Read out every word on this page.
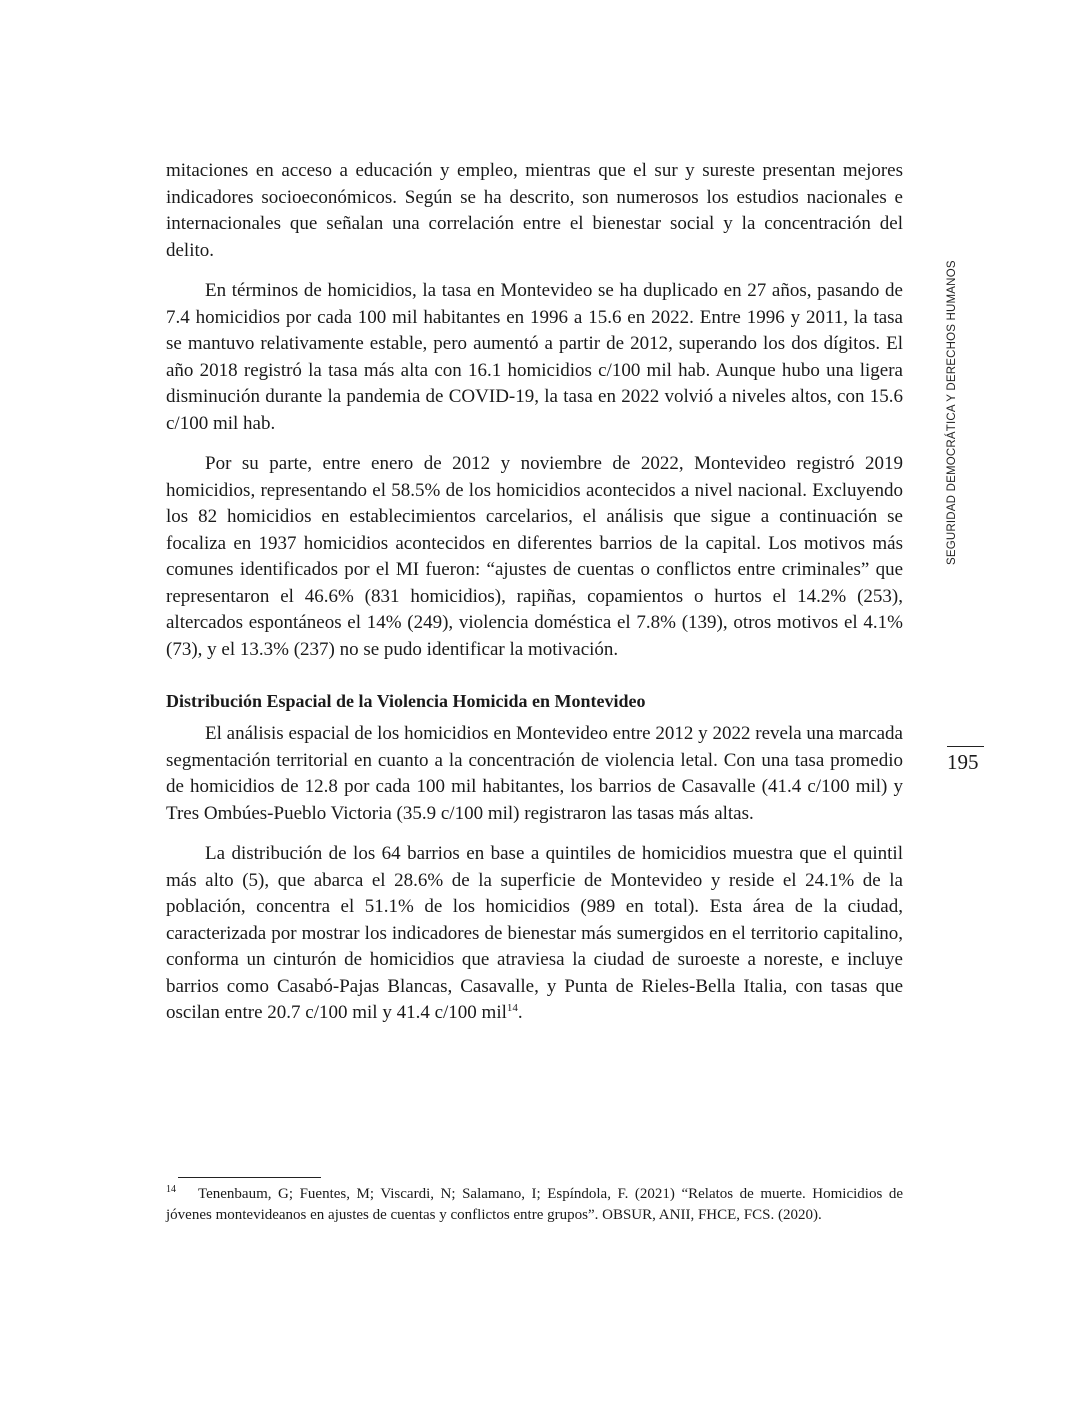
SEGURIDAD DEMOCRÁTICA Y DERECHOS HUMANOS
195

mitaciones en acceso a educación y empleo, mientras que el sur y sureste presentan mejores indicadores socioeconómicos. Según se ha descrito, son numerosos los estudios nacionales e internacionales que señalan una correlación entre el bienestar social y la concentración del delito.

En términos de homicidios, la tasa en Montevideo se ha duplicado en 27 años, pasando de 7.4 homicidios por cada 100 mil habitantes en 1996 a 15.6 en 2022. Entre 1996 y 2011, la tasa se mantuvo relativamente estable, pero aumentó a partir de 2012, superando los dos dígitos. El año 2018 registró la tasa más alta con 16.1 homicidios c/100 mil hab. Aunque hubo una ligera disminución durante la pandemia de COVID-19, la tasa en 2022 volvió a niveles altos, con 15.6 c/100 mil hab.

Por su parte, entre enero de 2012 y noviembre de 2022, Montevideo registró 2019 homicidios, representando el 58.5% de los homicidios acontecidos a nivel nacional. Excluyendo los 82 homicidios en establecimientos carcelarios, el análisis que sigue a continuación se focaliza en 1937 homicidios acontecidos en diferentes barrios de la capital. Los motivos más comunes identificados por el MI fueron: “ajustes de cuentas o conflictos entre criminales” que representaron el 46.6% (831 homicidios), rapiñas, copamientos o hurtos el 14.2% (253), altercados espontáneos el 14% (249), violencia doméstica el 7.8% (139), otros motivos el 4.1% (73), y el 13.3% (237) no se pudo identificar la motivación.

Distribución Espacial de la Violencia Homicida en Montevideo

El análisis espacial de los homicidios en Montevideo entre 2012 y 2022 revela una marcada segmentación territorial en cuanto a la concentración de violencia letal. Con una tasa promedio de homicidios de 12.8 por cada 100 mil habitantes, los barrios de Casavalle (41.4 c/100 mil) y Tres Ombúes-Pueblo Victoria (35.9 c/100 mil) registraron las tasas más altas.

La distribución de los 64 barrios en base a quintiles de homicidios muestra que el quintil más alto (5), que abarca el 28.6% de la superficie de Montevideo y reside el 24.1% de la población, concentra el 51.1% de los homicidios (989 en total). Esta área de la ciudad, caracterizada por mostrar los indicadores de bienestar más sumergidos en el territorio capitalino, conforma un cinturón de homicidios que atraviesa la ciudad de suroeste a noreste, e incluye barrios como Casabó-Pajas Blancas, Casavalle, y Punta de Rieles-Bella Italia, con tasas que oscilan entre 20.7 c/100 mil y 41.4 c/100 mil$^{14}$.

$^{14}$ Tenenbaum, G; Fuentes, M; Viscardi, N; Salamano, I; Espíndola, F. (2021) “Relatos de muerte. Homicidios de jóvenes montevideanos en ajustes de cuentas y conflictos entre grupos”. OBSUR, ANII, FHCE, FCS. (2020).
